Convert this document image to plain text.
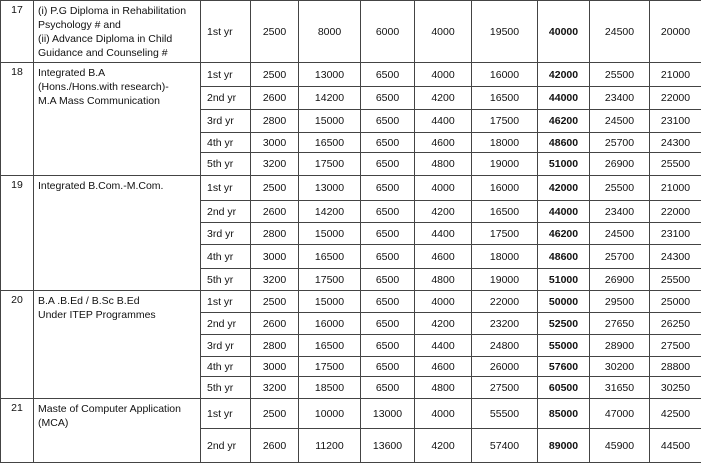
17	(i) P.G Diploma in Rehabilitation
Psychology # and
(ii) Advance Diploma in Child
Guidance and Counseling #	1st yr	2500	8000	6000	4000	19500	40000	24500	20000
18	Integrated B.A
(Hons./Hons.with research)-
M.A Mass Communication	1st yr	2500	13000	6500	4000	16000	42000	25500	21000
		2nd yr	2600	14200	6500	4200	16500	44000	23400	22000
		3rd yr	2800	15000	6500	4400	17500	46200	24500	23100
		4th yr	3000	16500	6500	4600	18000	48600	25700	24300
		5th yr	3200	17500	6500	4800	19000	51000	26900	25500
19	Integrated B.Com.-M.Com.	1st yr	2500	13000	6500	4000	16000	42000	25500	21000
		2nd yr	2600	14200	6500	4200	16500	44000	23400	22000
		3rd yr	2800	15000	6500	4400	17500	46200	24500	23100
		4th yr	3000	16500	6500	4600	18000	48600	25700	24300
		5th yr	3200	17500	6500	4800	19000	51000	26900	25500
20	B.A .B.Ed / B.Sc B.Ed
Under ITEP Programmes	1st yr	2500	15000	6500	4000	22000	50000	29500	25000
		2nd yr	2600	16000	6500	4200	23200	52500	27650	26250
		3rd yr	2800	16500	6500	4400	24800	55000	28900	27500
		4th yr	3000	17500	6500	4600	26000	57600	30200	28800
		5th yr	3200	18500	6500	4800	27500	60500	31650	30250
21	Maste of Computer Application
(MCA)	1st yr	2500	10000	13000	4000	55500	85000	47000	42500
		2nd yr	2600	11200	13600	4200	57400	89000	45900	44500
